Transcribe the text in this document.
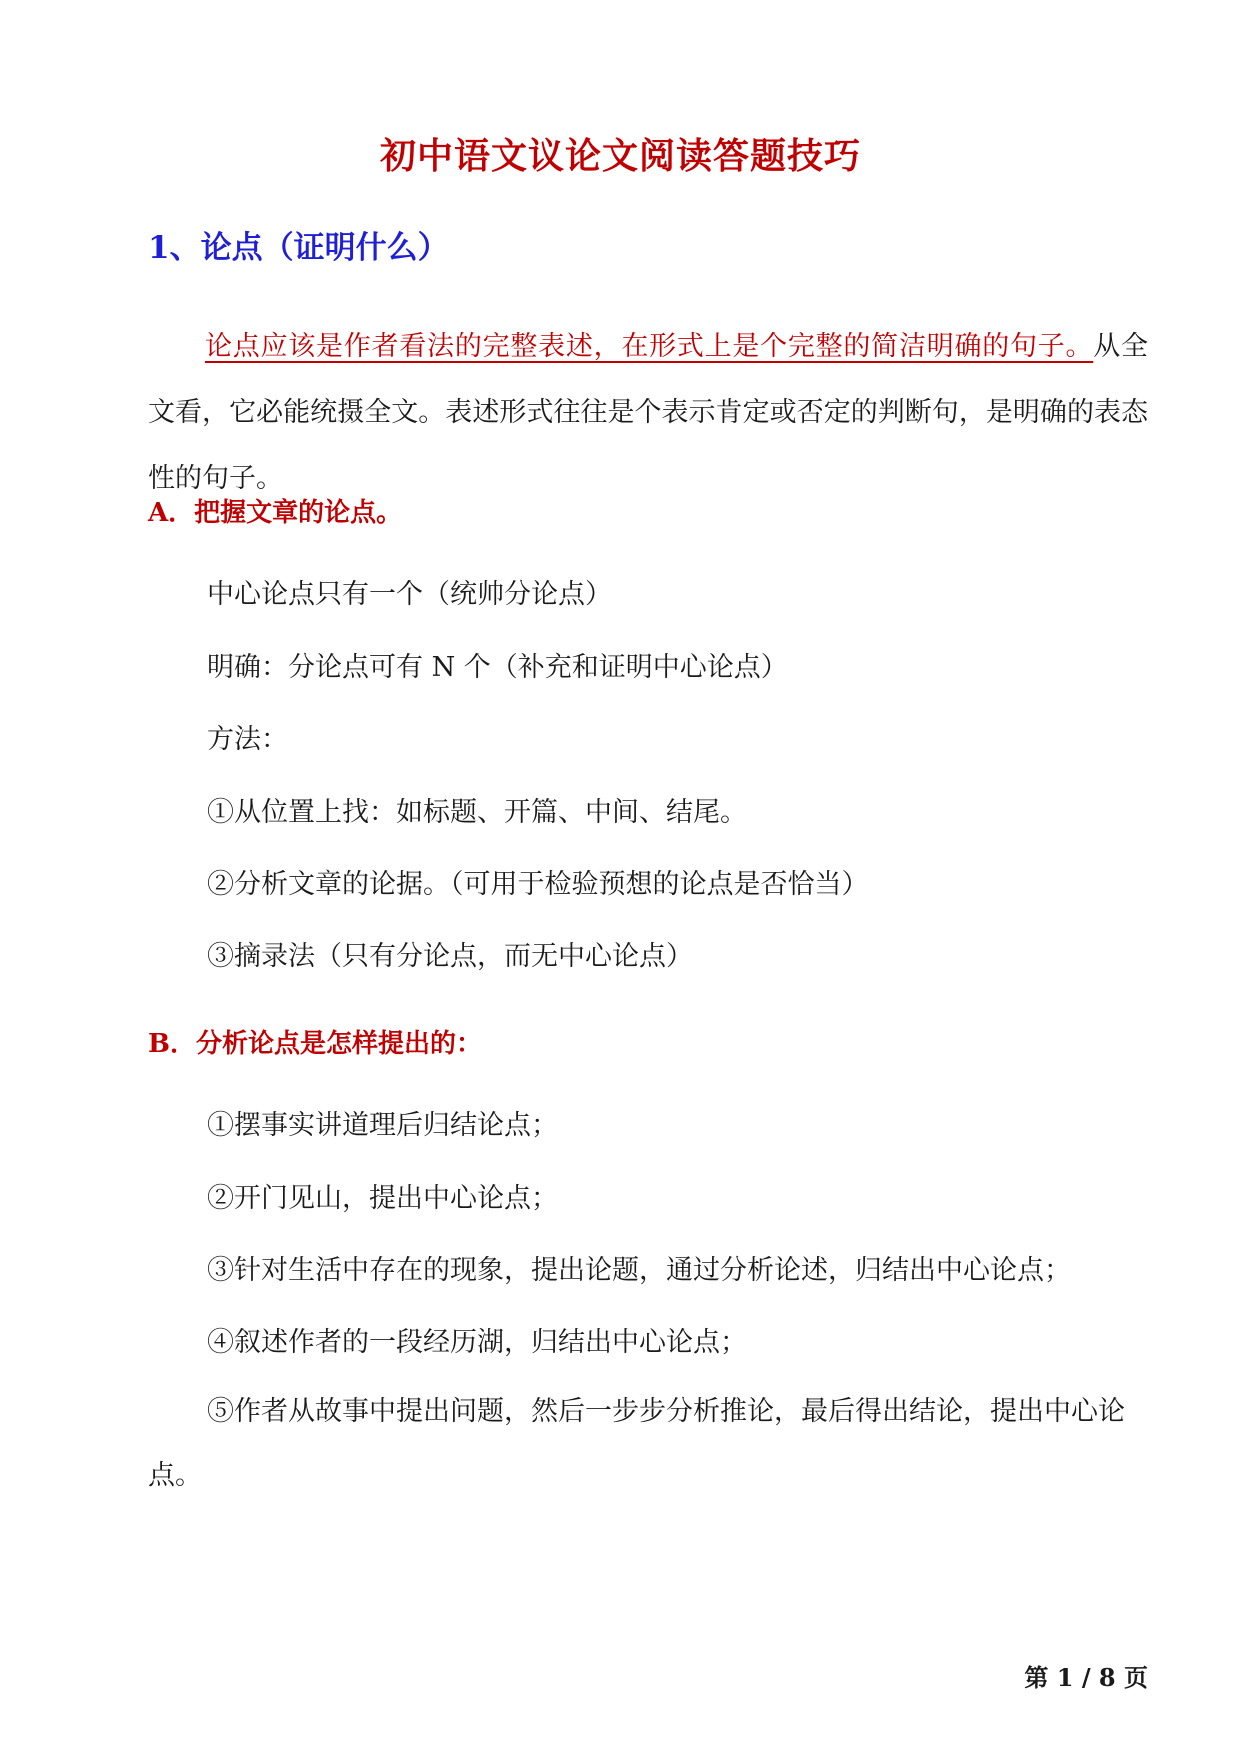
初中语文议论文阅读答题技巧
1、论点（证明什么）

论点应该是作者看法的完整表述，在形式上是个完整的简洁明确的句子。从全文看，它必能统摄全文。表述形式往往是个表示肯定或否定的判断句，是明确的表态性的句子。

A．把握文章的论点。

中心论点只有一个（统帅分论点）

明确：分论点可有 N 个（补充和证明中心论点）

方法：

①从位置上找：如标题、开篇、中间、结尾。

②分析文章的论据。（可用于检验预想的论点是否恰当）

③摘录法（只有分论点，而无中心论点）

B．分析论点是怎样提出的：

①摆事实讲道理后归结论点；

②开门见山，提出中心论点；

③针对生活中存在的现象，提出论题，通过分析论述，归结出中心论点；

④叙述作者的一段经历湖，归结出中心论点；

⑤作者从故事中提出问题，然后一步步分析推论，最后得出结论，提出中心论点。

第 1 / 8 页
